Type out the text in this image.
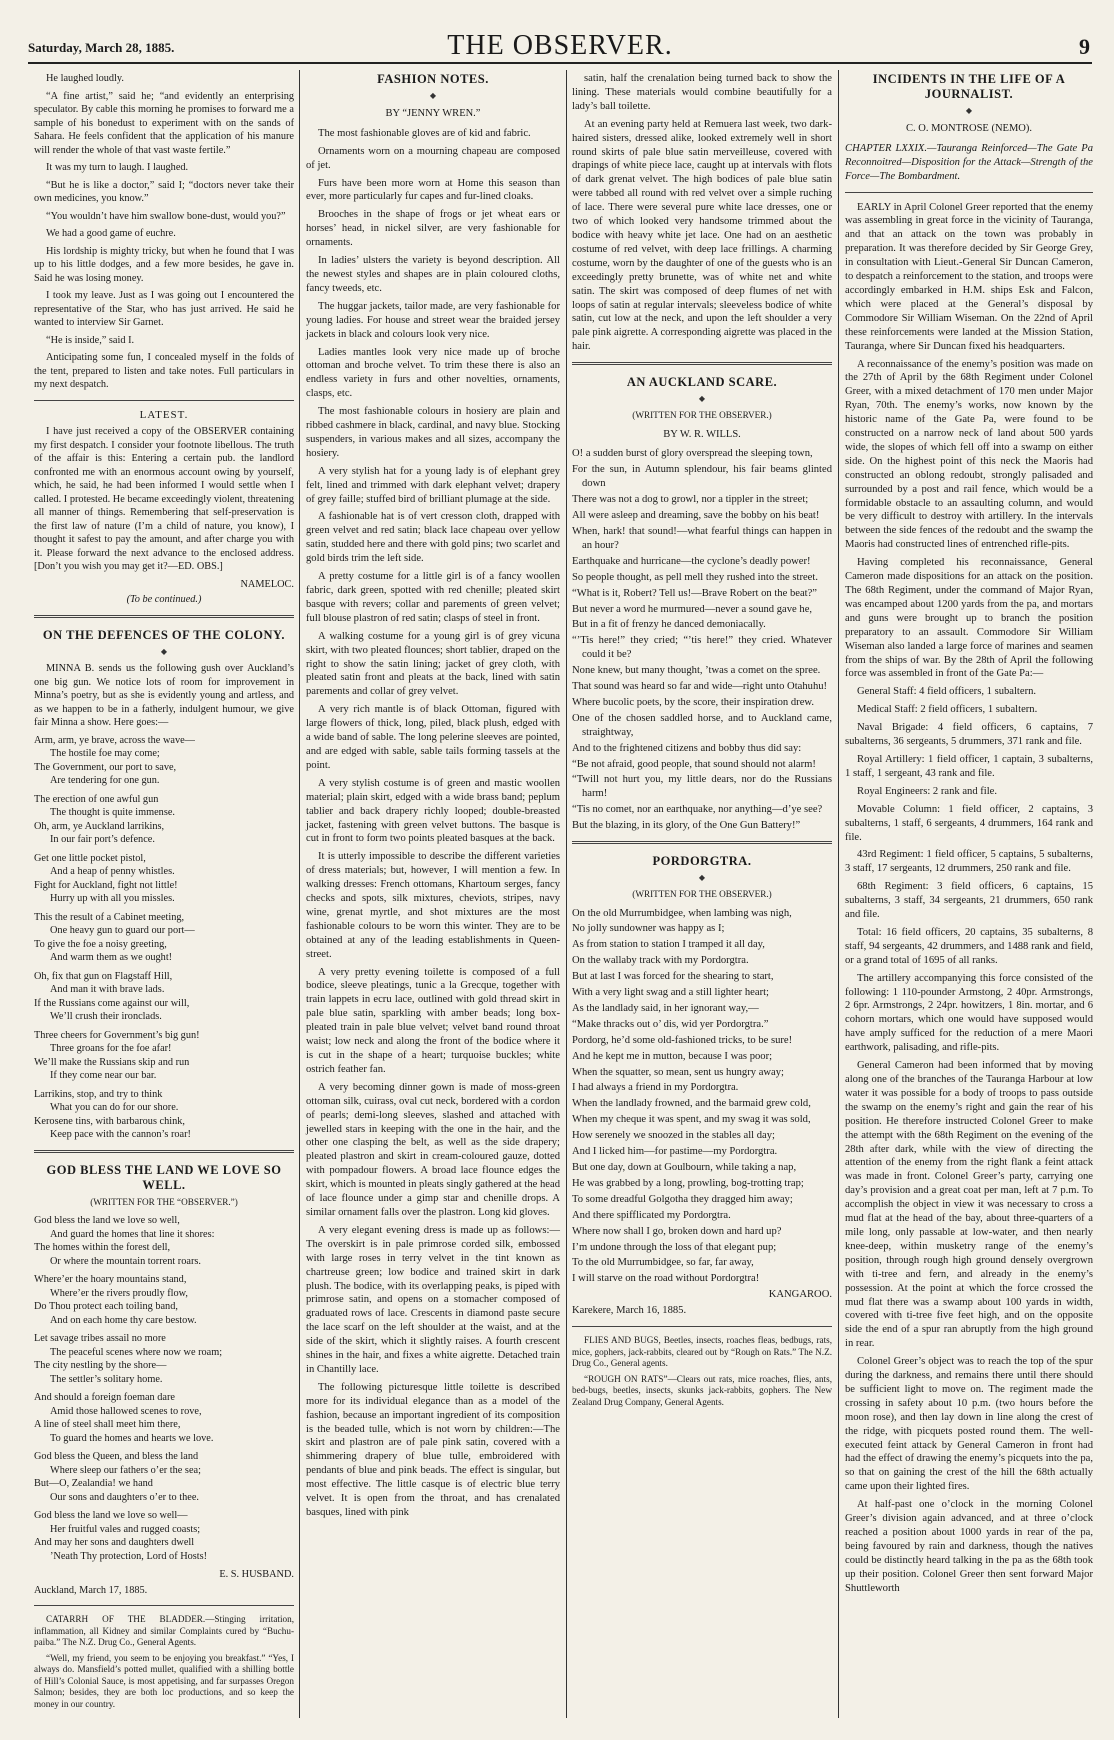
Saturday, March 28, 1885.	THE OBSERVER.	9

He laughed loudly.

“A fine artist,” said he; “and evidently an enterprising speculator. By cable this morning he promises to forward me a sample of his bonedust to experiment with on the sands of Sahara. He feels confident that the application of his manure will render the whole of that vast waste fertile.”

It was my turn to laugh. I laughed.

“But he is like a doctor,” said I; “doctors never take their own medicines, you know.”

“You wouldn’t have him swallow bone-dust, would you?”

We had a good game of euchre.

His lordship is mighty tricky, but when he found that I was up to his little dodges, and a few more besides, he gave in. Said he was losing money.

I took my leave. Just as I was going out I encountered the representative of the Star, who has just arrived. He said he wanted to interview Sir Garnet.

“He is inside,” said I.

Anticipating some fun, I concealed myself in the folds of the tent, prepared to listen and take notes. Full particulars in my next despatch.

LATEST.

I have just received a copy of the OBSERVER containing my first despatch. I consider your footnote libellous. The truth of the affair is this: Entering a certain pub. the landlord confronted me with an enormous account owing by yourself, which, he said, he had been informed I would settle when I called. I protested. He became exceedingly violent, threatening all manner of things. Remembering that self-preservation is the first law of nature (I’m a child of nature, you know), I thought it safest to pay the amount, and after charge you with it. Please forward the next advance to the enclosed address. [Don’t you wish you may get it?—ED. OBS.]

NAMELOC.
(To be continued.)
ON THE DEFENCES OF THE COLONY.
◆

MINNA B. sends us the following gush over Auckland’s one big gun. We notice lots of room for improvement in Minna’s poetry, but as she is evidently young and artless, and as we happen to be in a fatherly, indulgent humour, we give fair Minna a show. Here goes:—

Arm, arm, ye brave, across the wave—
The hostile foe may come;
The Government, our port to save,
Are tendering for one gun.
The erection of one awful gun
The thought is quite immense.
Oh, arm, ye Auckland larrikins,
In our fair port’s defence.
Get one little pocket pistol,
And a heap of penny whistles.
Fight for Auckland, fight not little!
Hurry up with all you missles.
This the result of a Cabinet meeting,
One heavy gun to guard our port—
To give the foe a noisy greeting,
And warm them as we ought!
Oh, fix that gun on Flagstaff Hill,
And man it with brave lads.
If the Russians come against our will,
We’ll crush their ironclads.
Three cheers for Government’s big gun!
Three groans for the foe afar!
We’ll make the Russians skip and run
If they come near our bar.
Larrikins, stop, and try to think
What you can do for our shore.
Kerosene tins, with barbarous chink,
Keep pace with the cannon’s roar!
GOD BLESS THE LAND WE LOVE SO WELL.
(WRITTEN FOR THE “OBSERVER.”)
God bless the land we love so well,
And guard the homes that line it shores:
The homes within the forest dell,
Or where the mountain torrent roars.
Where’er the hoary mountains stand,
Where’er the rivers proudly flow,
Do Thou protect each toiling band,
And on each home thy care bestow.
Let savage tribes assail no more
The peaceful scenes where now we roam;
The city nestling by the shore—
The settler’s solitary home.
And should a foreign foeman dare
Amid those hallowed scenes to rove,
A line of steel shall meet him there,
To guard the homes and hearts we love.
God bless the Queen, and bless the land
Where sleep our fathers o’er the sea;
But—O, Zealandia! we hand
Our sons and daughters o’er to thee.
God bless the land we love so well—
Her fruitful vales and rugged coasts;
And may her sons and daughters dwell
’Neath Thy protection, Lord of Hosts!
E. S. HUSBAND.

Auckland, March 17, 1885.

CATARRH OF THE BLADDER.—Stinging irritation, inflammation, all Kidney and similar Complaints cured by “Buchu-paiba.” The N.Z. Drug Co., General Agents.

“Well, my friend, you seem to be enjoying you breakfast.” “Yes, I always do. Mansfield’s potted mullet, qualified with a shilling bottle of Hill’s Colonial Sauce, is most appetising, and far surpasses Oregon Salmon; besides, they are both loc productions, and so keep the money in our country.

FASHION NOTES.
◆
BY “JENNY WREN.”

The most fashionable gloves are of kid and fabric.

Ornaments worn on a mourning chapeau are composed of jet.

Furs have been more worn at Home this season than ever, more particularly fur capes and fur-lined cloaks.

Brooches in the shape of frogs or jet wheat ears or horses’ head, in nickel silver, are very fashionable for ornaments.

In ladies’ ulsters the variety is beyond description. All the newest styles and shapes are in plain coloured cloths, fancy tweeds, etc.

The huggar jackets, tailor made, are very fashionable for young ladies. For house and street wear the braided jersey jackets in black and colours look very nice.

Ladies mantles look very nice made up of broche ottoman and broche velvet. To trim these there is also an endless variety in furs and other novelties, ornaments, clasps, etc.

The most fashionable colours in hosiery are plain and ribbed cashmere in black, cardinal, and navy blue. Stocking suspenders, in various makes and all sizes, accompany the hosiery.

A very stylish hat for a young lady is of elephant grey felt, lined and trimmed with dark elephant velvet; drapery of grey faille; stuffed bird of brilliant plumage at the side.

A fashionable hat is of vert cresson cloth, drapped with green velvet and red satin; black lace chapeau over yellow satin, studded here and there with gold pins; two scarlet and gold birds trim the left side.

A pretty costume for a little girl is of a fancy woollen fabric, dark green, spotted with red chenille; pleated skirt basque with revers; collar and parements of green velvet; full blouse plastron of red satin; clasps of steel in front.

A walking costume for a young girl is of grey vicuna skirt, with two pleated flounces; short tablier, draped on the right to show the satin lining; jacket of grey cloth, with pleated satin front and pleats at the back, lined with satin parements and collar of grey velvet.

A very rich mantle is of black Ottoman, figured with large flowers of thick, long, piled, black plush, edged with a wide band of sable. The long pelerine sleeves are pointed, and are edged with sable, sable tails forming tassels at the point.

A very stylish costume is of green and mastic woollen material; plain skirt, edged with a wide brass band; peplum tablier and back drapery richly looped; double-breasted jacket, fastening with green velvet buttons. The basque is cut in front to form two points pleated basques at the back.

It is utterly impossible to describe the different varieties of dress materials; but, however, I will mention a few. In walking dresses: French ottomans, Khartoum serges, fancy checks and spots, silk mixtures, cheviots, stripes, navy wine, grenat myrtle, and shot mixtures are the most fashionable colours to be worn this winter. They are to be obtained at any of the leading establishments in Queen-street.

A very pretty evening toilette is composed of a full bodice, sleeve pleatings, tunic a la Grecque, together with train lappets in ecru lace, outlined with gold thread skirt in pale blue satin, sparkling with amber beads; long box-pleated train in pale blue velvet; velvet band round throat waist; low neck and along the front of the bodice where it is cut in the shape of a heart; turquoise buckles; white ostrich feather fan.

A very becoming dinner gown is made of moss-green ottoman silk, cuirass, oval cut neck, bordered with a cordon of pearls; demi-long sleeves, slashed and attached with jewelled stars in keeping with the one in the hair, and the other one clasping the belt, as well as the side drapery; pleated plastron and skirt in cream-coloured gauze, dotted with pompadour flowers. A broad lace flounce edges the skirt, which is mounted in pleats singly gathered at the head of lace flounce under a gimp star and chenille drops. A similar ornament falls over the plastron. Long kid gloves.

A very elegant evening dress is made up as follows:—The overskirt is in pale primrose corded silk, embossed with large roses in terry velvet in the tint known as chartreuse green; low bodice and trained skirt in dark plush. The bodice, with its overlapping peaks, is piped with primrose satin, and opens on a stomacher composed of graduated rows of lace. Crescents in diamond paste secure the lace scarf on the left shoulder at the waist, and at the side of the skirt, which it slightly raises. A fourth crescent shines in the hair, and fixes a white aigrette. Detached train in Chantilly lace.

The following picturesque little toilette is described more for its individual elegance than as a model of the fashion, because an important ingredient of its composition is the beaded tulle, which is not worn by children:—The skirt and plastron are of pale pink satin, covered with a shimmering drapery of blue tulle, embroidered with pendants of blue and pink beads. The effect is singular, but most effective. The little casque is of electric blue terry velvet. It is open from the throat, and has crenalated basques, lined with pink

satin, half the crenalation being turned back to show the lining. These materials would combine beautifully for a lady’s ball toilette.

At an evening party held at Remuera last week, two dark-haired sisters, dressed alike, looked extremely well in short round skirts of pale blue satin merveilleuse, covered with drapings of white piece lace, caught up at intervals with flots of dark grenat velvet. The high bodices of pale blue satin were tabbed all round with red velvet over a simple ruching of lace. There were several pure white lace dresses, one or two of which looked very handsome trimmed about the bodice with heavy white jet lace. One had on an aesthetic costume of red velvet, with deep lace frillings. A charming costume, worn by the daughter of one of the guests who is an exceedingly pretty brunette, was of white net and white satin. The skirt was composed of deep flumes of net with loops of satin at regular intervals; sleeveless bodice of white satin, cut low at the neck, and upon the left shoulder a very pale pink aigrette. A corresponding aigrette was placed in the hair.

AN AUCKLAND SCARE.
◆
(WRITTEN FOR THE OBSERVER.)
BY W. R. WILLS.
O! a sudden burst of glory overspread the sleeping town,
For the sun, in Autumn splendour, his fair beams glinted down
There was not a dog to growl, nor a tippler in the street;
All were asleep and dreaming, save the bobby on his beat!
When, hark! that sound!—what fearful things can happen in an hour?
Earthquake and hurricane—the cyclone’s deadly power!
So people thought, as pell mell they rushed into the street.
“What is it, Robert? Tell us!—Brave Robert on the beat?”
But never a word he murmured—never a sound gave he,
But in a fit of frenzy he danced demoniacally.
“’Tis here!” they cried; “’tis here!” they cried. Whatever could it be?
None knew, but many thought, ’twas a comet on the spree.
That sound was heard so far and wide—right unto Otahuhu!
Where bucolic poets, by the score, their inspiration drew.
One of the chosen saddled horse, and to Auckland came, straightway,
And to the frightened citizens and bobby thus did say:
“Be not afraid, good people, that sound should not alarm!
“Twill not hurt you, my little dears, nor do the Russians harm!
“Tis no comet, nor an earthquake, nor anything—d’ye see?
But the blazing, in its glory, of the One Gun Battery!”
PORDORGTRA.
◆
(WRITTEN FOR THE OBSERVER.)
On the old Murrumbidgee, when lambing was nigh,
No jolly sundowner was happy as I;
As from station to station I tramped it all day,
On the wallaby track with my Pordorgtra.
But at last I was forced for the shearing to start,
With a very light swag and a still lighter heart;
As the landlady said, in her ignorant way,—
“Make thracks out o’ dis, wid yer Pordorgtra.”
Pordorg, he’d some old-fashioned tricks, to be sure!
And he kept me in mutton, because I was poor;
When the squatter, so mean, sent us hungry away;
I had always a friend in my Pordorgtra.
When the landlady frowned, and the barmaid grew cold,
When my cheque it was spent, and my swag it was sold,
How serenely we snoozed in the stables all day;
And I licked him—for pastime—my Pordorgtra.
But one day, down at Goulbourn, while taking a nap,
He was grabbed by a long, prowling, bog-trotting trap;
To some dreadful Golgotha they dragged him away;
And there spifflicated my Pordorgtra.
Where now shall I go, broken down and hard up?
I’m undone through the loss of that elegant pup;
To the old Murrumbidgee, so far, far away,
I will starve on the road without Pordorgtra!
KANGAROO.

Karekere, March 16, 1885.

FLIES AND BUGS, Beetles, insects, roaches fleas, bedbugs, rats, mice, gophers, jack-rabbits, cleared out by “Rough on Rats.” The N.Z. Drug Co., General agents.

“ROUGH ON RATS”—Clears out rats, mice roaches, flies, ants, bed-bugs, beetles, insects, skunks jack-rabbits, gophers. The New Zealand Drug Company, General Agents.

INCIDENTS IN THE LIFE OF A JOURNALIST.
◆
C. O. MONTROSE (NEMO).

CHAPTER LXXIX.—Tauranga Reinforced—The Gate Pa Reconnoitred—Disposition for the Attack—Strength of the Force—The Bombardment.

EARLY in April Colonel Greer reported that the enemy was assembling in great force in the vicinity of Tauranga, and that an attack on the town was probably in preparation. It was therefore decided by Sir George Grey, in consultation with Lieut.-General Sir Duncan Cameron, to despatch a reinforcement to the station, and troops were accordingly embarked in H.M. ships Esk and Falcon, which were placed at the General’s disposal by Commodore Sir William Wiseman. On the 22nd of April these reinforcements were landed at the Mission Station, Tauranga, where Sir Duncan fixed his headquarters.

A reconnaissance of the enemy’s position was made on the 27th of April by the 68th Regiment under Colonel Greer, with a mixed detachment of 170 men under Major Ryan, 70th. The enemy’s works, now known by the historic name of the Gate Pa, were found to be constructed on a narrow neck of land about 500 yards wide, the slopes of which fell off into a swamp on either side. On the highest point of this neck the Maoris had constructed an oblong redoubt, strongly palisaded and surrounded by a post and rail fence, which would be a formidable obstacle to an assaulting column, and would be very difficult to destroy with artillery. In the intervals between the side fences of the redoubt and the swamp the Maoris had constructed lines of entrenched rifle-pits.

Having completed his reconnaissance, General Cameron made dispositions for an attack on the position. The 68th Regiment, under the command of Major Ryan, was encamped about 1200 yards from the pa, and mortars and guns were brought up to branch the position preparatory to an assault. Commodore Sir William Wiseman also landed a large force of marines and seamen from the ships of war. By the 28th of April the following force was assembled in front of the Gate Pa:—

General Staff: 4 field officers, 1 subaltern.

Medical Staff: 2 field officers, 1 subaltern.

Naval Brigade: 4 field officers, 6 captains, 7 subalterns, 36 sergeants, 5 drummers, 371 rank and file.

Royal Artillery: 1 field officer, 1 captain, 3 subalterns, 1 staff, 1 sergeant, 43 rank and file.

Royal Engineers: 2 rank and file.

Movable Column: 1 field officer, 2 captains, 3 subalterns, 1 staff, 6 sergeants, 4 drummers, 164 rank and file.

43rd Regiment: 1 field officer, 5 captains, 5 subalterns, 3 staff, 17 sergeants, 12 drummers, 250 rank and file.

68th Regiment: 3 field officers, 6 captains, 15 subalterns, 3 staff, 34 sergeants, 21 drummers, 650 rank and file.

Total: 16 field officers, 20 captains, 35 subalterns, 8 staff, 94 sergeants, 42 drummers, and 1488 rank and field, or a grand total of 1695 of all ranks.

The artillery accompanying this force consisted of the following: 1 110-pounder Armstong, 2 40pr. Armstrongs, 2 6pr. Armstrongs, 2 24pr. howitzers, 1 8in. mortar, and 6 cohorn mortars, which one would have supposed would have amply sufficed for the reduction of a mere Maori earthwork, palisading, and rifle-pits.

General Cameron had been informed that by moving along one of the branches of the Tauranga Harbour at low water it was possible for a body of troops to pass outside the swamp on the enemy’s right and gain the rear of his position. He therefore instructed Colonel Greer to make the attempt with the 68th Regiment on the evening of the 28th after dark, while with the view of directing the attention of the enemy from the right flank a feint attack was made in front. Colonel Greer’s party, carrying one day’s provision and a great coat per man, left at 7 p.m. To accomplish the object in view it was necessary to cross a mud flat at the head of the bay, about three-quarters of a mile long, only passable at low-water, and then nearly knee-deep, within musketry range of the enemy’s position, through rough high ground densely overgrown with ti-tree and fern, and already in the enemy’s possession. At the point at which the force crossed the mud flat there was a swamp about 100 yards in width, covered with ti-tree five feet high, and on the opposite side the end of a spur ran abruptly from the high ground in rear.

Colonel Greer’s object was to reach the top of the spur during the darkness, and remains there until there should be sufficient light to move on. The regiment made the crossing in safety about 10 p.m. (two hours before the moon rose), and then lay down in line along the crest of the ridge, with picquets posted round them. The well-executed feint attack by General Cameron in front had had the effect of drawing the enemy’s picquets into the pa, so that on gaining the crest of the hill the 68th actually came upon their lighted fires.

At half-past one o’clock in the morning Colonel Greer’s division again advanced, and at three o’clock reached a position about 1000 yards in rear of the pa, being favoured by rain and darkness, though the natives could be distinctly heard talking in the pa as the 68th took up their position. Colonel Greer then sent forward Major Shuttleworth
